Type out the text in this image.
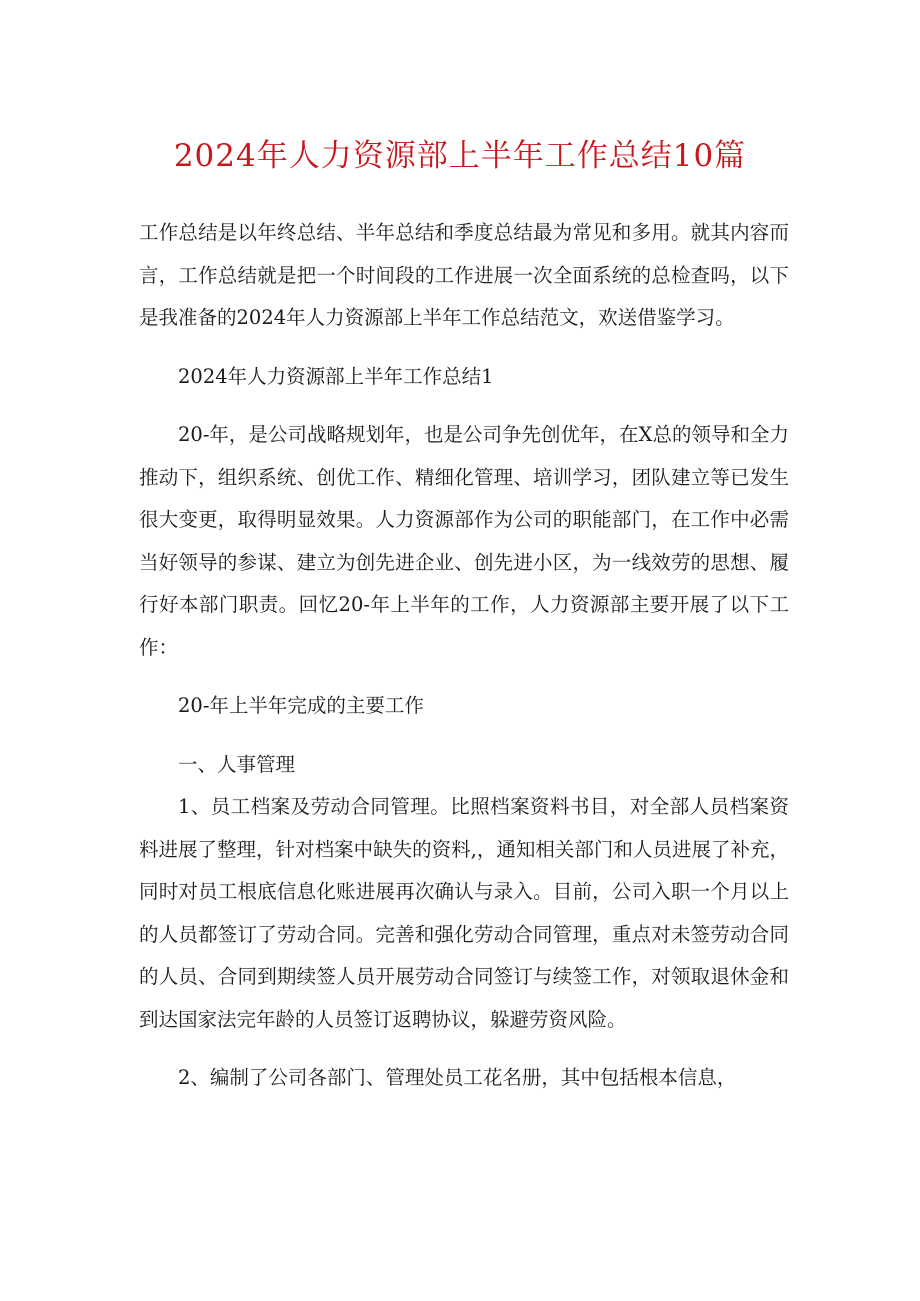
2024年人力资源部上半年工作总结10篇

工作总结是以年终总结、半年总结和季度总结最为常见和多用。就其内容而言，工作总结就是把一个时间段的工作进展一次全面系统的总检查吗，以下是我准备的2024年人力资源部上半年工作总结范文，欢送借鉴学习。

2024年人力资源部上半年工作总结1

20-年，是公司战略规划年，也是公司争先创优年，在X总的领导和全力推动下，组织系统、创优工作、精细化管理、培训学习，团队建立等已发生很大变更，取得明显效果。人力资源部作为公司的职能部门，在工作中必需当好领导的参谋、建立为创先进企业、创先进小区，为一线效劳的思想、履行好本部门职责。回忆20-年上半年的工作，人力资源部主要开展了以下工作：

20-年上半年完成的主要工作

一、人事管理

1、员工档案及劳动合同管理。比照档案资料书目，对全部人员档案资料进展了整理，针对档案中缺失的资料,，通知相关部门和人员进展了补充，同时对员工根底信息化账进展再次确认与录入。目前，公司入职一个月以上的人员都签订了劳动合同。完善和强化劳动合同管理，重点对未签劳动合同的人员、合同到期续签人员开展劳动合同签订与续签工作，对领取退休金和到达国家法完年龄的人员签订返聘协议，躲避劳资风险。

2、编制了公司各部门、管理处员工花名册，其中包括根本信息，
